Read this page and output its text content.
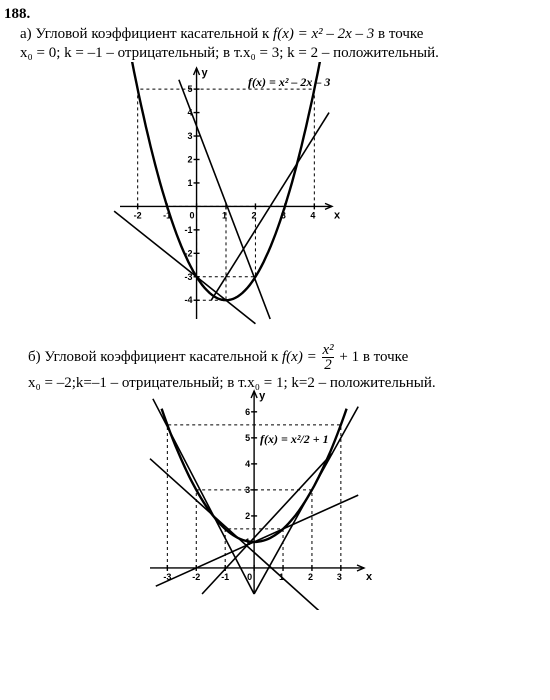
188.
а) Угловой коэффициент касательной к f(x) = x² – 2x – 3 в точке
x₀ = 0; k = –1 – отрицательный; в т.x₀ = 3; k = 2 – положительный.
x
y
-2 -1 0	1	2	3	4
5
4
3
2
1
-1
-2
-3
-4
f(x) = x² – 2x – 3
б) Угловой коэффициент касательной к $f(x) = \frac{\text{x²}}{2} + 1$ в точке
x₀ = –2;k=–1 – отрицательный; в т.x₀ = 1; k=2 – положительный.
x
y
-3 -2 -1 0	1	2	3
6
5
4
3
2
1
f(x) = x²/2 + 1
